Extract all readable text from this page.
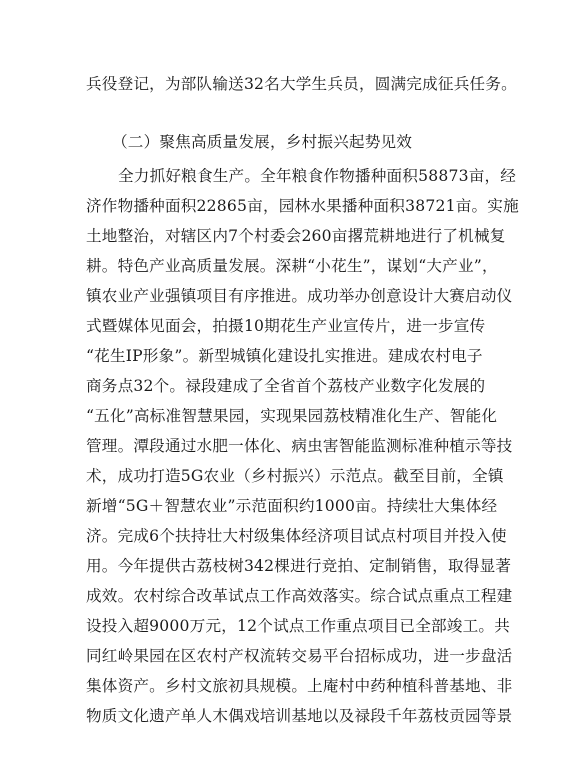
兵役登记，为部队输送32名大学生兵员，圆满完成征兵任务。
（二）聚焦高质量发展，乡村振兴起势见效
全力抓好粮食生产。全年粮食作物播种面积58873亩，经
济作物播种面积22865亩，园林水果播种面积38721亩。实施
土地整治，对辖区内7个村委会260亩撂荒耕地进行了机械复
耕。特色产业高质量发展。深耕“小花生”，谋划“大产业”，
镇农业产业强镇项目有序推进。成功举办创意设计大赛启动仪
式暨媒体见面会，拍摄10期花生产业宣传片，进一步宣传
“花生IP形象”。新型城镇化建设扎实推进。建成农村电子
商务点32个。禄段建成了全省首个荔枝产业数字化发展的
“五化”高标准智慧果园，实现果园荔枝精准化生产、智能化
管理。潭段通过水肥一体化、病虫害智能监测标准种植示等技
术，成功打造5G农业（乡村振兴）示范点。截至目前，全镇
新增“5G＋智慧农业”示范面积约1000亩。持续壮大集体经
济。完成6个扶持壮大村级集体经济项目试点村项目并投入使
用。今年提供古荔枝树342棵进行竞拍、定制销售，取得显著
成效。农村综合改革试点工作高效落实。综合试点重点工程建
设投入超9000万元，12个试点工作重点项目已全部竣工。共
同红岭果园在区农村产权流转交易平台招标成功，进一步盘活
集体资产。乡村文旅初具规模。上庵村中药种植科普基地、非
物质文化遗产单人木偶戏培训基地以及禄段千年荔枝贡园等景
